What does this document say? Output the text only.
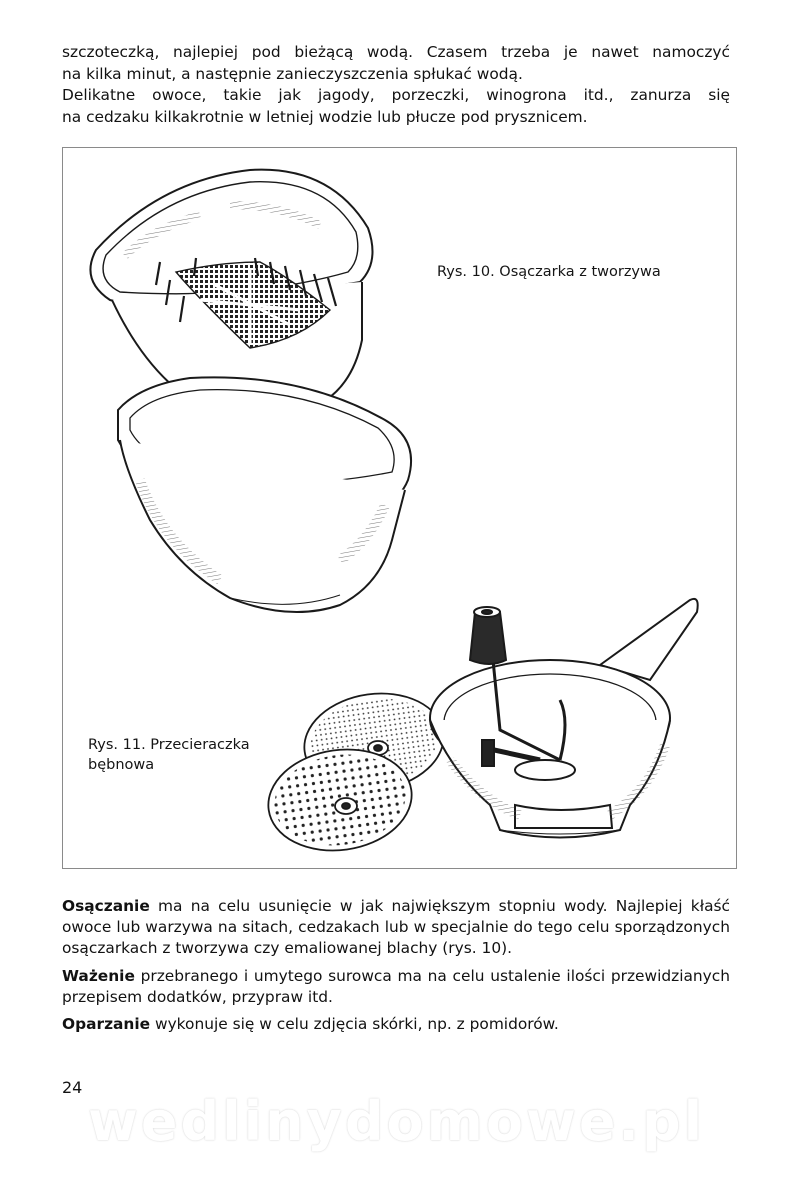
szczoteczką, najlepiej pod bieżącą wodą. Czasem trzeba je nawet namoczyć
na kilka minut, a następnie zanieczyszczenia spłukać wodą.
Delikatne owoce, takie jak jagody, porzeczki, winogrona itd., zanurza się
na cedzaku kilkakrotnie w letniej wodzie lub płucze pod prysznicem.
Rys. 10. Osączarka z tworzywa
Rys. 11. Przecieraczka
bębnowa

Osączanie ma na celu usunięcie w jak największym stopniu wody. Najlepiej kłaść owoce lub warzywa na sitach, cedzakach lub w specjalnie do tego celu sporządzonych osączarkach z tworzywa czy emaliowanej blachy (rys. 10).

Ważenie przebranego i umytego surowca ma na celu ustalenie ilości przewidzianych przepisem dodatków, przypraw itd.

Oparzanie wykonuje się w celu zdjęcia skórki, np. z pomidorów.

24
wedlinydomowe.pl
